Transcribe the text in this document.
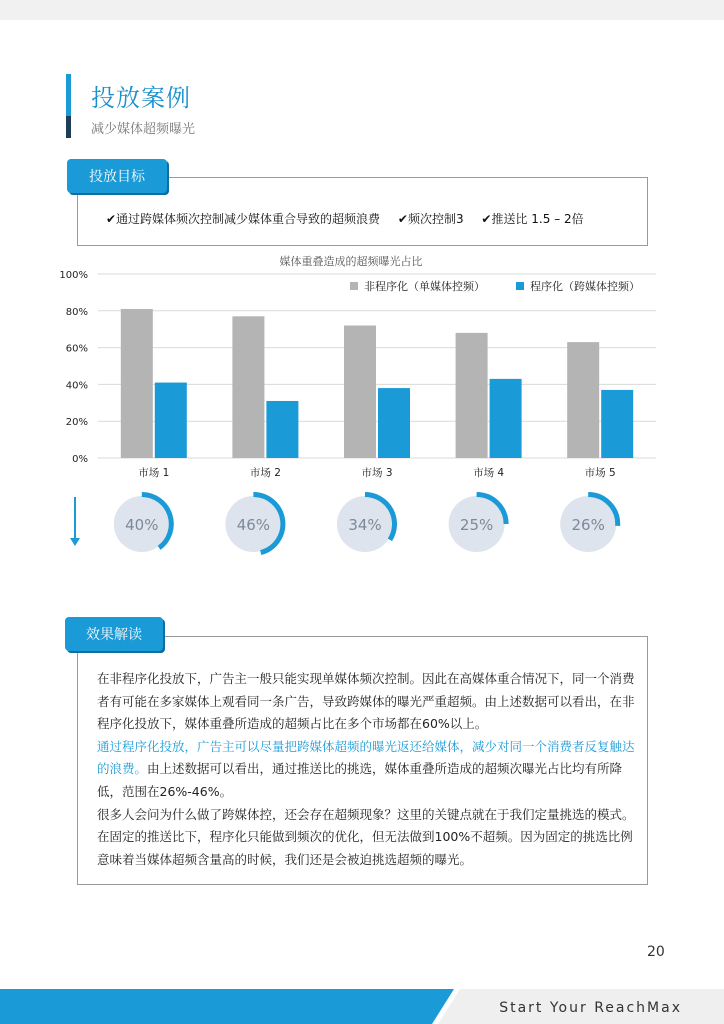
投放案例
减少媒体超频曝光
投放目标
✔通过跨媒体频次控制减少媒体重合导致的超频浪费 ✔频次控制3 ✔推送比 1.5 – 2倍
媒体重叠造成的超频曝光占比
0%
20%
40%
60%
80%
100%
非程序化（单媒体控频）	程序化（跨媒体控频）
市场 1
40%
市场 2
46%
市场 3
34%
市场 4
25%
市场 5
26%
效果解读

在非程序化投放下，广告主一般只能实现单媒体频次控制。因此在高媒体重合情况下，同一个消费者有可能在多家媒体上观看同一条广告，导致跨媒体的曝光严重超频。由上述数据可以看出，在非程序化投放下，媒体重叠所造成的超频占比在多个市场都在60%以上。

通过程序化投放，广告主可以尽量把跨媒体超频的曝光返还给媒体，减少对同一个消费者反复触达的浪费。由上述数据可以看出，通过推送比的挑选，媒体重叠所造成的超频次曝光占比均有所降低，范围在26%-46%。

很多人会问为什么做了跨媒体控，还会存在超频现象？这里的关键点就在于我们定量挑选的模式。在固定的推送比下，程序化只能做到频次的优化，但无法做到100%不超频。因为固定的挑选比例意味着当媒体超频含量高的时候，我们还是会被迫挑选超频的曝光。

20
Start Your ReachMax
